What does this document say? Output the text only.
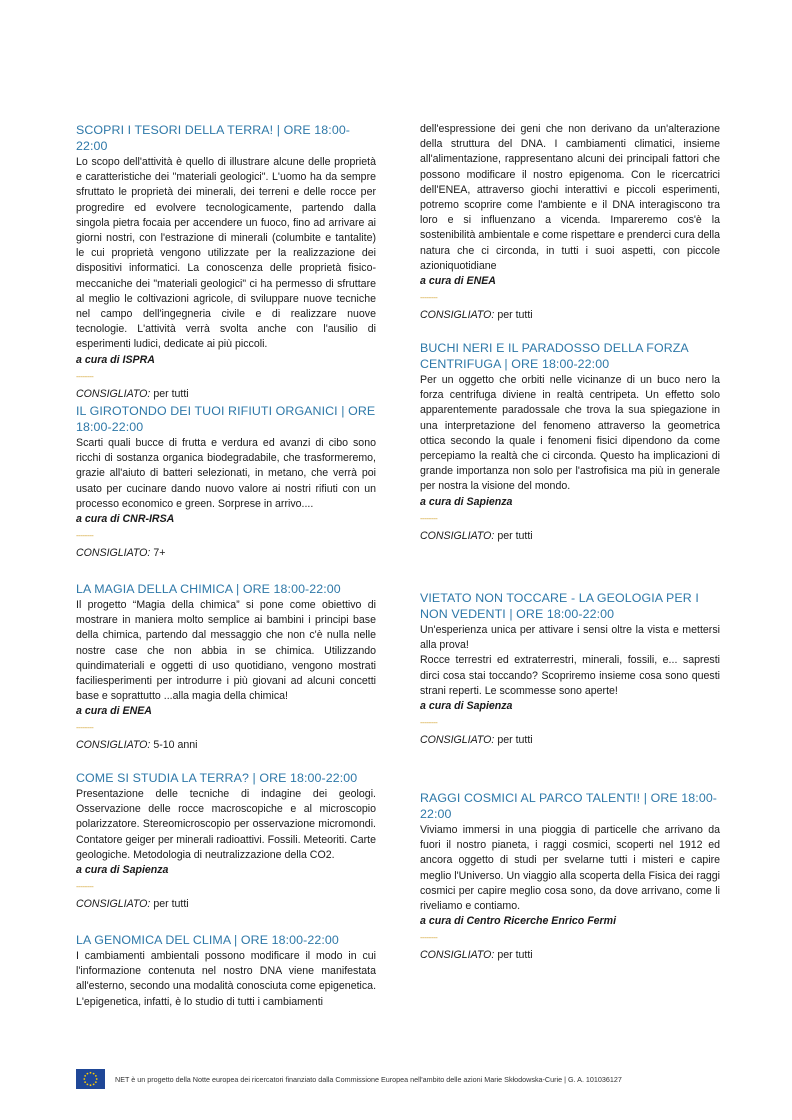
SCOPRI I TESORI DELLA TERRA! | ORE 18:00-22:00

Lo scopo dell'attività è quello di illustrare alcune delle proprietà e caratteristiche dei "materiali geologici". L'uomo ha da sempre sfruttato le proprietà dei minerali, dei terreni e delle rocce per progredire ed evolvere tecnologicamente, partendo dalla singola pietra focaia per accendere un fuoco, fino ad arrivare ai giorni nostri, con l'estrazione di minerali (columbite e tantalite) le cui proprietà vengono utilizzate per la realizzazione dei dispositivi informatici. La conoscenza delle proprietà fisico-meccaniche dei "materiali geologici" ci ha permesso di sfruttare al meglio le coltivazioni agricole, di sviluppare nuove tecniche nel campo dell'ingegneria civile e di realizzare nuove tecnologie. L'attività verrà svolta anche con l'ausilio di esperimenti ludici, dedicate ai più piccoli.

a cura di ISPRA

--------
CONSIGLIATO: per tutti
IL GIROTONDO DEI TUOI RIFIUTI ORGANICI | ORE 18:00-22:00

Scarti quali bucce di frutta e verdura ed avanzi di cibo sono ricchi di sostanza organica biodegradabile, che trasformeremo, grazie all'aiuto di batteri selezionati, in metano, che verrà poi usato per cucinare dando nuovo valore ai nostri rifiuti con un processo economico e green. Sorprese in arrivo....

a cura di CNR-IRSA

--------
CONSIGLIATO: 7+
LA MAGIA DELLA CHIMICA | ORE 18:00-22:00

Il progetto “Magia della chimica” si pone come obiettivo di mostrare in maniera molto semplice ai bambini i principi base della chimica, partendo dal messaggio che non c'è nulla nelle nostre case che non abbia in se chimica. Utilizzando quindimateriali e oggetti di uso quotidiano, vengono mostrati faciliesperimenti per introdurre i più giovani ad alcuni concetti base e soprattutto ...alla magia della chimica!

a cura di ENEA

--------
CONSIGLIATO: 5-10 anni
COME SI STUDIA LA TERRA? | ORE 18:00-22:00

Presentazione delle tecniche di indagine dei geologi. Osservazione delle rocce macroscopiche e al microscopio polarizzatore. Stereomicroscopio per osservazione micromondi. Contatore geiger per minerali radioattivi. Fossili. Meteoriti. Carte geologiche. Metodologia di neutralizzazione della CO2.

a cura di Sapienza

--------
CONSIGLIATO: per tutti
LA GENOMICA DEL CLIMA | ORE 18:00-22:00

I cambiamenti ambientali possono modificare il modo in cui l'informazione contenuta nel nostro DNA viene manifestata all'esterno, secondo una modalità conosciuta come epigenetica. L'epigenetica, infatti, è lo studio di tutti i cambiamenti

dell'espressione dei geni che non derivano da un'alterazione della struttura del DNA. I cambiamenti climatici, insieme all'alimentazione, rappresentano alcuni dei principali fattori che possono modificare il nostro epigenoma. Con le ricercatrici dell'ENEA, attraverso giochi interattivi e piccoli esperimenti, potremo scoprire come l'ambiente e il DNA interagiscono tra loro e si influenzano a vicenda. Impareremo cos'è la sostenibilità ambientale e come rispettare e prenderci cura della natura che ci circonda, in tutti i suoi aspetti, con piccole azioniquotidiane

a cura di ENEA

--------
CONSIGLIATO: per tutti
BUCHI NERI E IL PARADOSSO DELLA FORZA CENTRIFUGA | ORE 18:00-22:00

Per un oggetto che orbiti nelle vicinanze di un buco nero la forza centrifuga diviene in realtà centripeta. Un effetto solo apparentemente paradossale che trova la sua spiegazione in una interpretazione del fenomeno attraverso la geometrica ottica secondo la quale i fenomeni fisici dipendono da come percepiamo la realtà che ci circonda. Questo ha implicazioni di grande importanza non solo per l'astrofisica ma più in generale per nostra la visione del mondo.

a cura di Sapienza

--------
CONSIGLIATO: per tutti
VIETATO NON TOCCARE - LA GEOLOGIA PER I NON VEDENTI | ORE 18:00-22:00

Un'esperienza unica per attivare i sensi oltre la vista e mettersi alla prova!
Rocce terrestri ed extraterrestri, minerali, fossili, e... sapresti dirci cosa stai toccando? Scopriremo insieme cosa sono questi strani reperti. Le scommesse sono aperte!

a cura di Sapienza

--------
CONSIGLIATO: per tutti
RAGGI COSMICI AL PARCO TALENTI! | ORE 18:00-22:00

Viviamo immersi in una pioggia di particelle che arrivano da fuori il nostro pianeta, i raggi cosmici, scoperti nel 1912 ed ancora oggetto di studi per svelarne tutti i misteri e capire meglio l'Universo. Un viaggio alla scoperta della Fisica dei raggi cosmici per capire meglio cosa sono, da dove arrivano, come li riveliamo e contiamo.

a cura di Centro Ricerche Enrico Fermi

--------
CONSIGLIATO: per tutti
NET è un progetto della Notte europea dei ricercatori finanziato dalla Commissione Europea nell'ambito delle azioni Marie Skłodowska-Curie | G. A. 101036127
